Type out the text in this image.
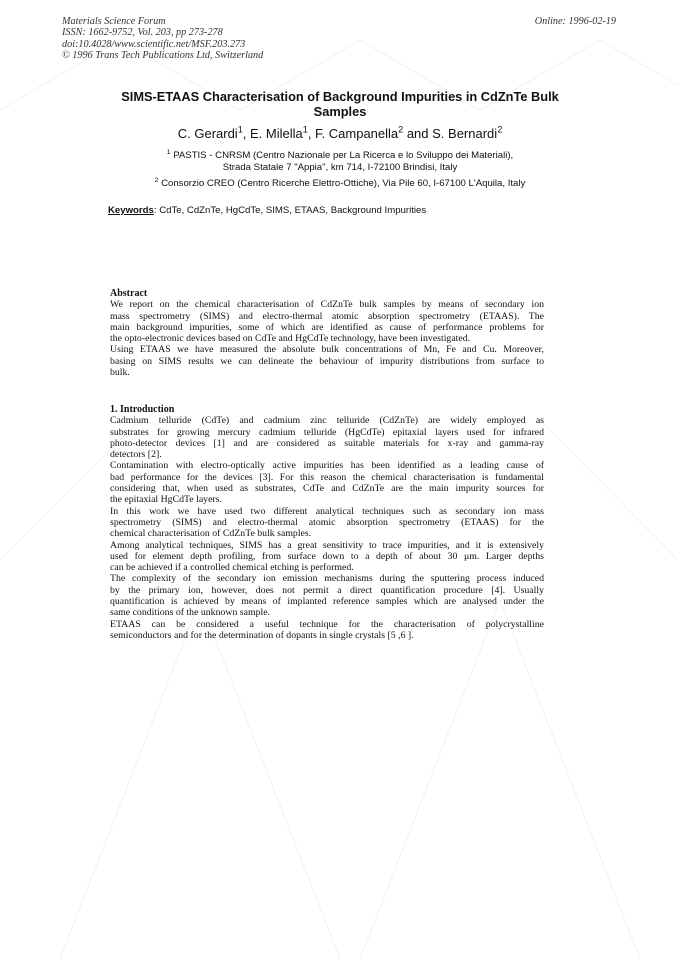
Materials Science Forum
ISSN: 1662-9752, Vol. 203, pp 273-278
doi:10.4028/www.scientific.net/MSF.203.273
© 1996 Trans Tech Publications Ltd, Switzerland
Online: 1996-02-19
SIMS-ETAAS Characterisation of Background Impurities in CdZnTe Bulk
Samples
C. Gerardi$^1$, E. Milella$^1$, F. Campanella$^2$ and S. Bernardi$^2$
$^1$ PASTIS - CNRSM (Centro Nazionale per La Ricerca e lo Sviluppo dei Materiali),
Strada Statale 7 "Appia", km 714, I-72100 Brindisi, Italy
$^2$ Consorzio CREO (Centro Ricerche Elettro-Ottiche), Via Pile 60, I-67100 L'Aquila, Italy
Keywords: CdTe, CdZnTe, HgCdTe, SIMS, ETAAS, Background Impurities
Abstract
We report on the chemical characterisation of CdZnTe bulk samples by means of secondary ion
mass spectrometry (SIMS) and electro-thermal atomic absorption spectrometry (ETAAS). The
main background impurities, some of which are identified as cause of performance problems for
the opto-electronic devices based on CdTe and HgCdTe technology, have been investigated.
Using ETAAS we have measured the absolute bulk concentrations of Mn, Fe and Cu. Moreover,
basing on SIMS results we can delineate the behaviour of impurity distributions from surface to
bulk.
1. Introduction
Cadmium telluride (CdTe) and cadmium zinc telluride (CdZnTe) are widely employed as
substrates for growing mercury cadmium telluride (HgCdTe) epitaxial layers used for infrared
photo-detector devices [1] and are considered as suitable materials for x-ray and gamma-ray
detectors [2].
Contamination with electro-optically active impurities has been identified as a leading cause of
bad performance for the devices [3]. For this reason the chemical characterisation is fundamental
considering that, when used as substrates, CdTe and CdZnTe are the main impurity sources for
the epitaxial HgCdTe layers.
In this work we have used two different analytical techniques such as secondary ion mass
spectrometry (SIMS) and electro-thermal atomic absorption spectrometry (ETAAS) for the
chemical characterisation of CdZnTe bulk samples.
Among analytical techniques, SIMS has a great sensitivity to trace impurities, and it is extensively
used for element depth profiling, from surface down to a depth of about 30 μm. Larger depths
can be achieved if a controlled chemical etching is performed.
The complexity of the secondary ion emission mechanisms during the sputtering process induced
by the primary ion, however, does not permit a direct quantification procedure [4]. Usually
quantification is achieved by means of implanted reference samples which are analysed under the
same conditions of the unknown sample.
ETAAS can be considered a useful technique for the characterisation of polycrystalline
semiconductors and for the determination of dopants in single crystals [5 ,6 ].
